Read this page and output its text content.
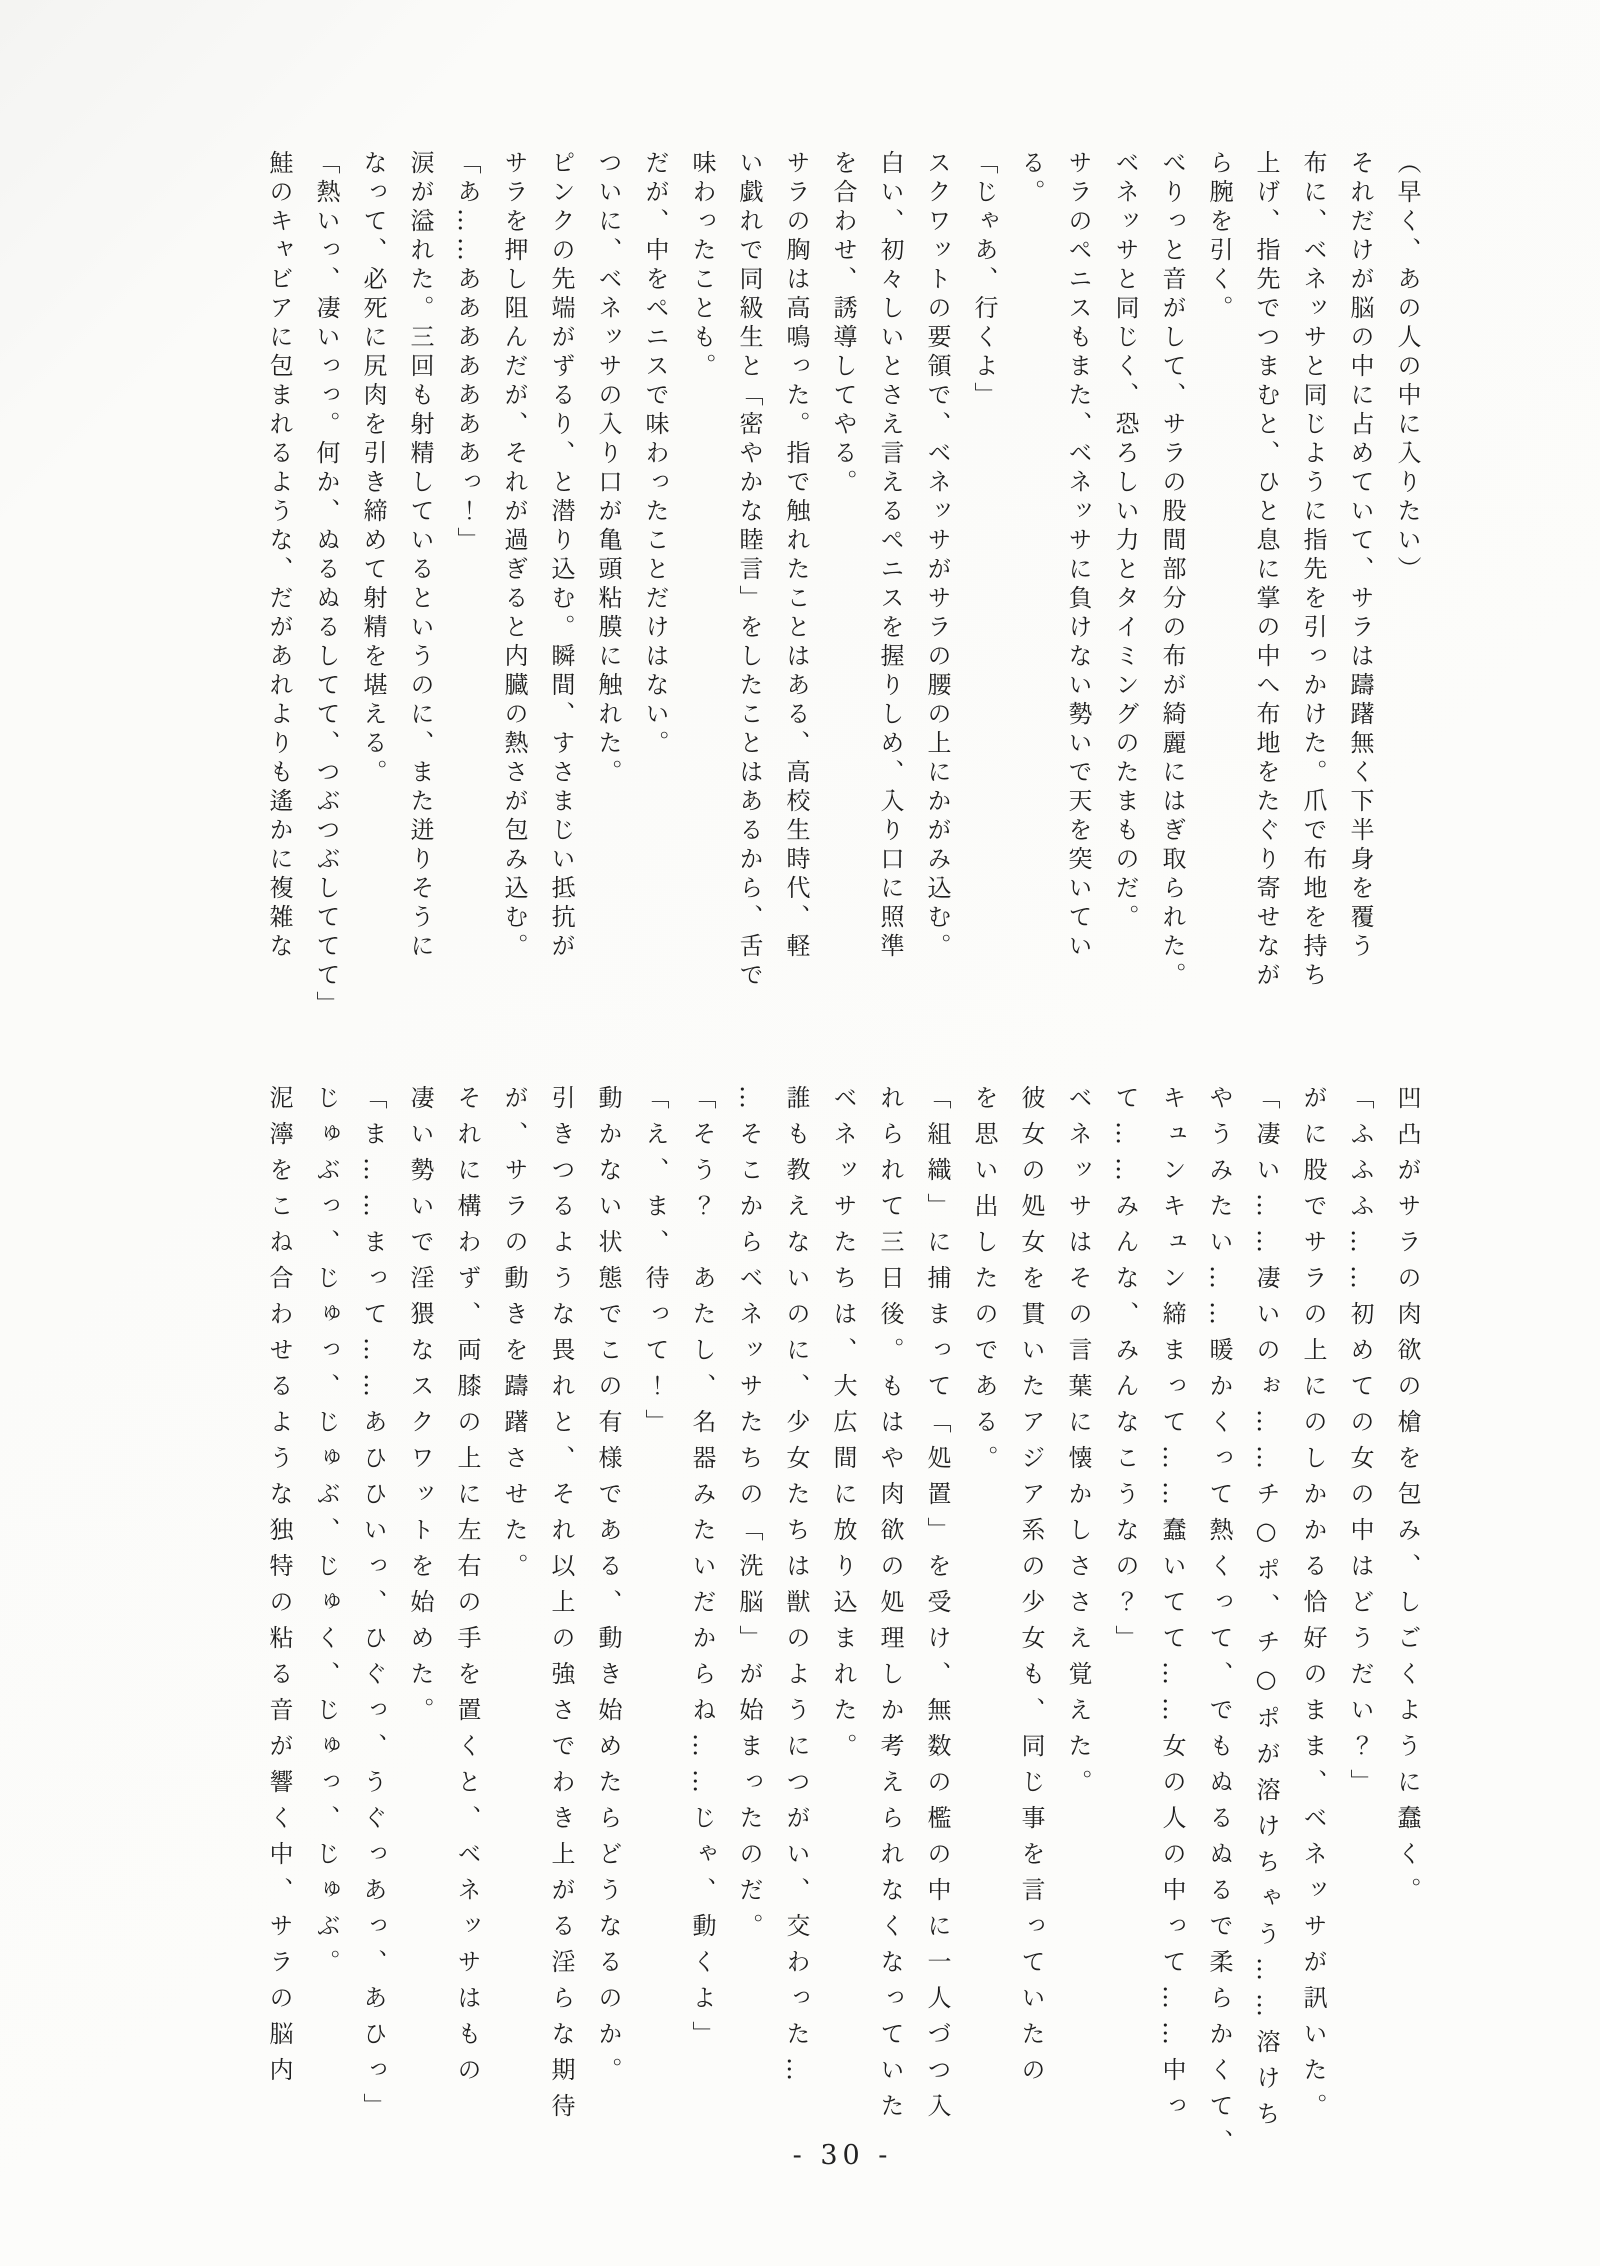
（早く、あの人の中に入りたい）

それだけが脳の中に占めていて、サラは躊躇無く下半身を覆う

布に、ベネッサと同じように指先を引っかけた。爪で布地を持ち

上げ、指先でつまむと、ひと息に掌の中へ布地をたぐり寄せなが

ら腕を引く。

べりっと音がして、サラの股間部分の布が綺麗にはぎ取られた。

ベネッサと同じく、恐ろしい力とタイミングのたまものだ。

サラのペニスもまた、ベネッサに負けない勢いで天を突いてい

る。

「じゃあ、行くよ」

スクワットの要領で、ベネッサがサラの腰の上にかがみ込む。

白い、初々しいとさえ言えるペニスを握りしめ、入り口に照準

を合わせ、誘導してやる。

サラの胸は高鳴った。指で触れたことはある、高校生時代、軽

い戯れで同級生と「密やかな睦言」をしたことはあるから、舌で

味わったことも。

だが、中をペニスで味わったことだけはない。

ついに、ベネッサの入り口が亀頭粘膜に触れた。

ピンクの先端がずるり、と潜り込む。瞬間、すさまじい抵抗が

サラを押し阻んだが、それが過ぎると内臓の熱さが包み込む。

「あ……あああああああっ！」

涙が溢れた。三回も射精しているというのに、また迸りそうに

なって、必死に尻肉を引き締めて射精を堪える。

「熱いっ、凄いっっ。何か、ぬるぬるしてて、つぶつぶしててて」

鮭のキャビアに包まれるような、だがあれよりも遙かに複雑な

凹凸がサラの肉欲の槍を包み、しごくように蠢く。

「ふふふ……初めての女の中はどうだい？」

がに股でサラの上にのしかかる恰好のまま、ベネッサが訊いた。

「凄い……凄いのぉ……チ○ポ、チ○ポが溶けちゃう……溶けち

やうみたい……暖かくって熱くって、でもぬるぬるで柔らかくて、

キュンキュン締まって……蠢いてて……女の人の中って……中っ

て……みんな、みんなこうなの？」

ベネッサはその言葉に懐かしささえ覚えた。

彼女の処女を貫いたアジア系の少女も、同じ事を言っていたの

を思い出したのである。

「組織」に捕まって「処置」を受け、無数の檻の中に一人づつ入

れられて三日後。もはや肉欲の処理しか考えられなくなっていた

ベネッサたちは、大広間に放り込まれた。

誰も教えないのに、少女たちは獣のようにつがい、交わった…

…そこからベネッサたちの「洗脳」が始まったのだ。

「そう？　あたし、名器みたいだからね……じゃ、動くよ」

「え、ま、待って！」

動かない状態でこの有様である、動き始めたらどうなるのか。

引きつるような畏れと、それ以上の強さでわき上がる淫らな期待

が、サラの動きを躊躇させた。

それに構わず、両膝の上に左右の手を置くと、ベネッサはもの

凄い勢いで淫猥なスクワットを始めた。

「ま……まって……あひひいっ、ひぐっ、うぐっあっ、あひっ」

じゅぶっ、じゅっ、じゅぶ、じゅく、じゅっ、じゅぶ。

泥濘をこね合わせるような独特の粘る音が響く中、サラの脳内

- 30 -
